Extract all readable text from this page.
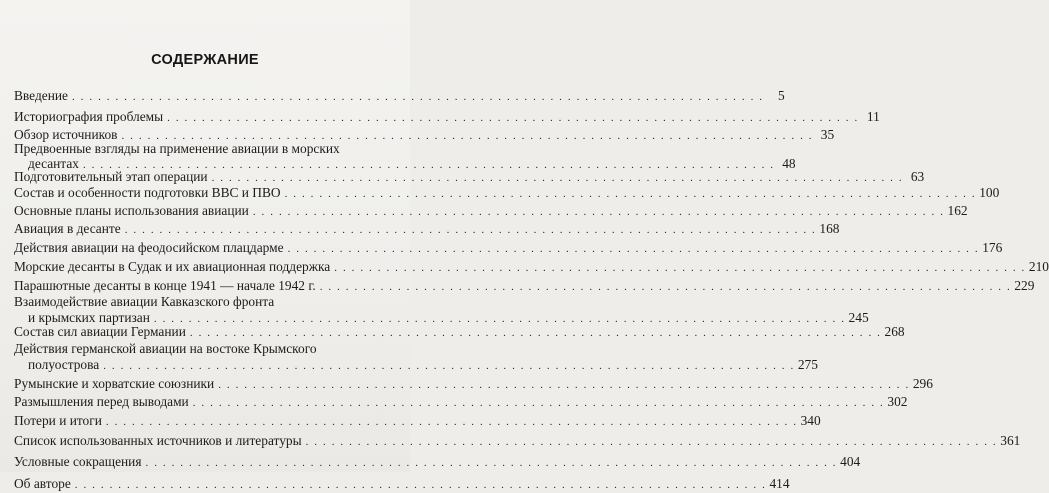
СОДЕРЖАНИЕ
Введение . . . . . . . . . . . . . . . . . . . . . . . . . . . . . . . . . . . . . . . . . . . . . . . . . . . . . . . . . . . . . . . . . . . . . . . . . . . . . . . .	5
Историография проблемы . . . . . . . . . . . . . . . . . . . . . . . . . . . . . . . . . . . . . . . . . . . . . . . . . . . . . . . . . . . . . . . . . . . . . . . . . . . . . . . . 11
Обзор источников . . . . . . . . . . . . . . . . . . . . . . . . . . . . . . . . . . . . . . . . . . . . . . . . . . . . . . . . . . . . . . . . . . . . . . . . . . . . . . . . 35
Предвоенные взгляды на применение авиации в морских
десантах . . . . . . . . . . . . . . . . . . . . . . . . . . . . . . . . . . . . . . . . . . . . . . . . . . . . . . . . . . . . . . . . . . . . . . . . . . . . . . . . 48
Подготовительный этап операции . . . . . . . . . . . . . . . . . . . . . . . . . . . . . . . . . . . . . . . . . . . . . . . . . . . . . . . . . . . . . . . . . . . . . . . . . . . . . . . . 63
Состав и особенности подготовки ВВС и ПВО . . . . . . . . . . . . . . . . . . . . . . . . . . . . . . . . . . . . . . . . . . . . . . . . . . . . . . . . . . . . . . . . . . . . . . . . . . . . . . . . 100
Основные планы использования авиации . . . . . . . . . . . . . . . . . . . . . . . . . . . . . . . . . . . . . . . . . . . . . . . . . . . . . . . . . . . . . . . . . . . . . . . . . . . . . . . . 162
Авиация в десанте . . . . . . . . . . . . . . . . . . . . . . . . . . . . . . . . . . . . . . . . . . . . . . . . . . . . . . . . . . . . . . . . . . . . . . . . . . . . . . . . 168
Действия авиации на феодосийском плацдарме . . . . . . . . . . . . . . . . . . . . . . . . . . . . . . . . . . . . . . . . . . . . . . . . . . . . . . . . . . . . . . . . . . . . . . . . . . . . . . . . 176
Морские десанты в Судак и их авиационная поддержка . . . . . . . . . . . . . . . . . . . . . . . . . . . . . . . . . . . . . . . . . . . . . . . . . . . . . . . . . . . . . . . . . . . . . . . . . . . . . . . . 210
Парашютные десанты в конце 1941 — начале 1942 г. . . . . . . . . . . . . . . . . . . . . . . . . . . . . . . . . . . . . . . . . . . . . . . . . . . . . . . . . . . . . . . . . . . . . . . . . . . . . . . . . 229
Взаимодействие авиации Кавказского фронта
и крымских партизан . . . . . . . . . . . . . . . . . . . . . . . . . . . . . . . . . . . . . . . . . . . . . . . . . . . . . . . . . . . . . . . . . . . . . . . . . . . . . . . . 245
Состав сил авиации Германии . . . . . . . . . . . . . . . . . . . . . . . . . . . . . . . . . . . . . . . . . . . . . . . . . . . . . . . . . . . . . . . . . . . . . . . . . . . . . . . . 268
Действия германской авиации на востоке Крымского
полуострова . . . . . . . . . . . . . . . . . . . . . . . . . . . . . . . . . . . . . . . . . . . . . . . . . . . . . . . . . . . . . . . . . . . . . . . . . . . . . . . . 275
Румынские и хорватские союзники . . . . . . . . . . . . . . . . . . . . . . . . . . . . . . . . . . . . . . . . . . . . . . . . . . . . . . . . . . . . . . . . . . . . . . . . . . . . . . . . 296
Размышления перед выводами . . . . . . . . . . . . . . . . . . . . . . . . . . . . . . . . . . . . . . . . . . . . . . . . . . . . . . . . . . . . . . . . . . . . . . . . . . . . . . . . 302
Потери и итоги . . . . . . . . . . . . . . . . . . . . . . . . . . . . . . . . . . . . . . . . . . . . . . . . . . . . . . . . . . . . . . . . . . . . . . . . . . . . . . . . 340
Список использованных источников и литературы . . . . . . . . . . . . . . . . . . . . . . . . . . . . . . . . . . . . . . . . . . . . . . . . . . . . . . . . . . . . . . . . . . . . . . . . . . . . . . . . 361
Условные сокращения . . . . . . . . . . . . . . . . . . . . . . . . . . . . . . . . . . . . . . . . . . . . . . . . . . . . . . . . . . . . . . . . . . . . . . . . . . . . . . . . 404
Об авторе . . . . . . . . . . . . . . . . . . . . . . . . . . . . . . . . . . . . . . . . . . . . . . . . . . . . . . . . . . . . . . . . . . . . . . . . . . . . . . . . 414
